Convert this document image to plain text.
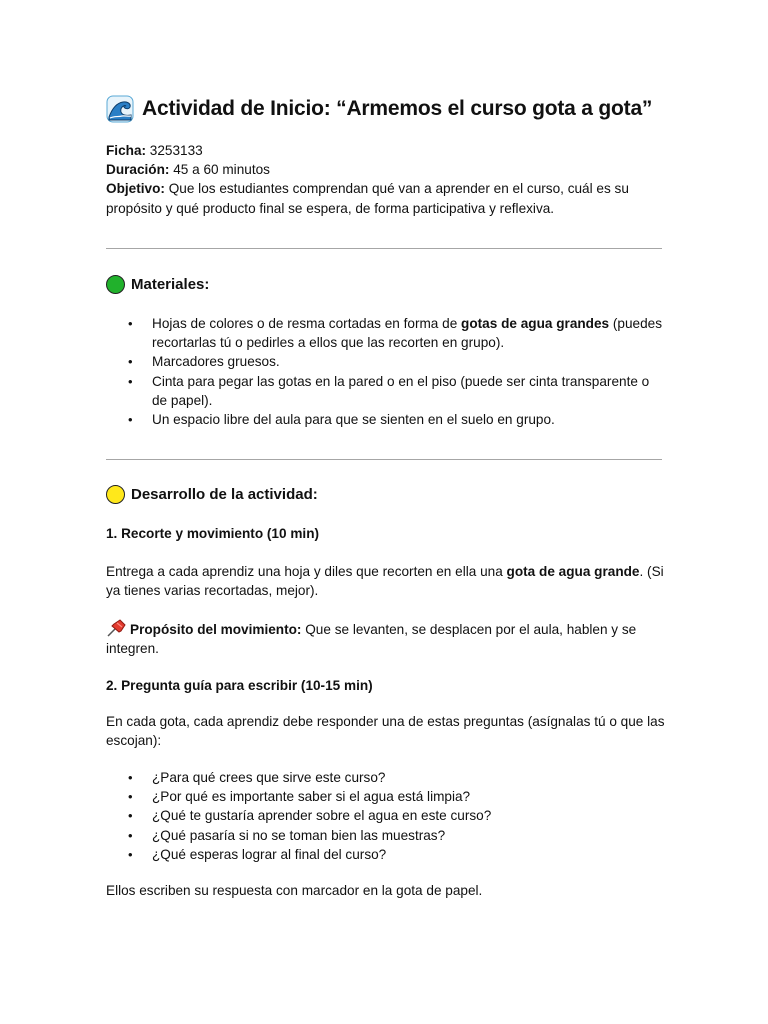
Actividad de Inicio: “Armemos el curso gota a gota”
Ficha: 3253133
Duración: 45 a 60 minutos
Objetivo: Que los estudiantes comprendan qué van a aprender en el curso, cuál es su propósito y qué producto final se espera, de forma participativa y reflexiva.
Materiales:
• Hojas de colores o de resma cortadas en forma de gotas de agua grandes (puedes recortarlas tú o pedirles a ellos que las recorten en grupo).
• Marcadores gruesos.
• Cinta para pegar las gotas en la pared o en el piso (puede ser cinta transparente o de papel).
• Un espacio libre del aula para que se sienten en el suelo en grupo.
Desarrollo de la actividad:
1. Recorte y movimiento (10 min)
Entrega a cada aprendiz una hoja y diles que recorten en ella una gota de agua grande. (Si ya tienes varias recortadas, mejor).
Propósito del movimiento: Que se levanten, se desplacen por el aula, hablen y se integren.
2. Pregunta guía para escribir (10-15 min)
En cada gota, cada aprendiz debe responder una de estas preguntas (asígnalas tú o que las escojan):
• ¿Para qué crees que sirve este curso?
• ¿Por qué es importante saber si el agua está limpia?
• ¿Qué te gustaría aprender sobre el agua en este curso?
• ¿Qué pasaría si no se toman bien las muestras?
• ¿Qué esperas lograr al final del curso?
Ellos escriben su respuesta con marcador en la gota de papel.
